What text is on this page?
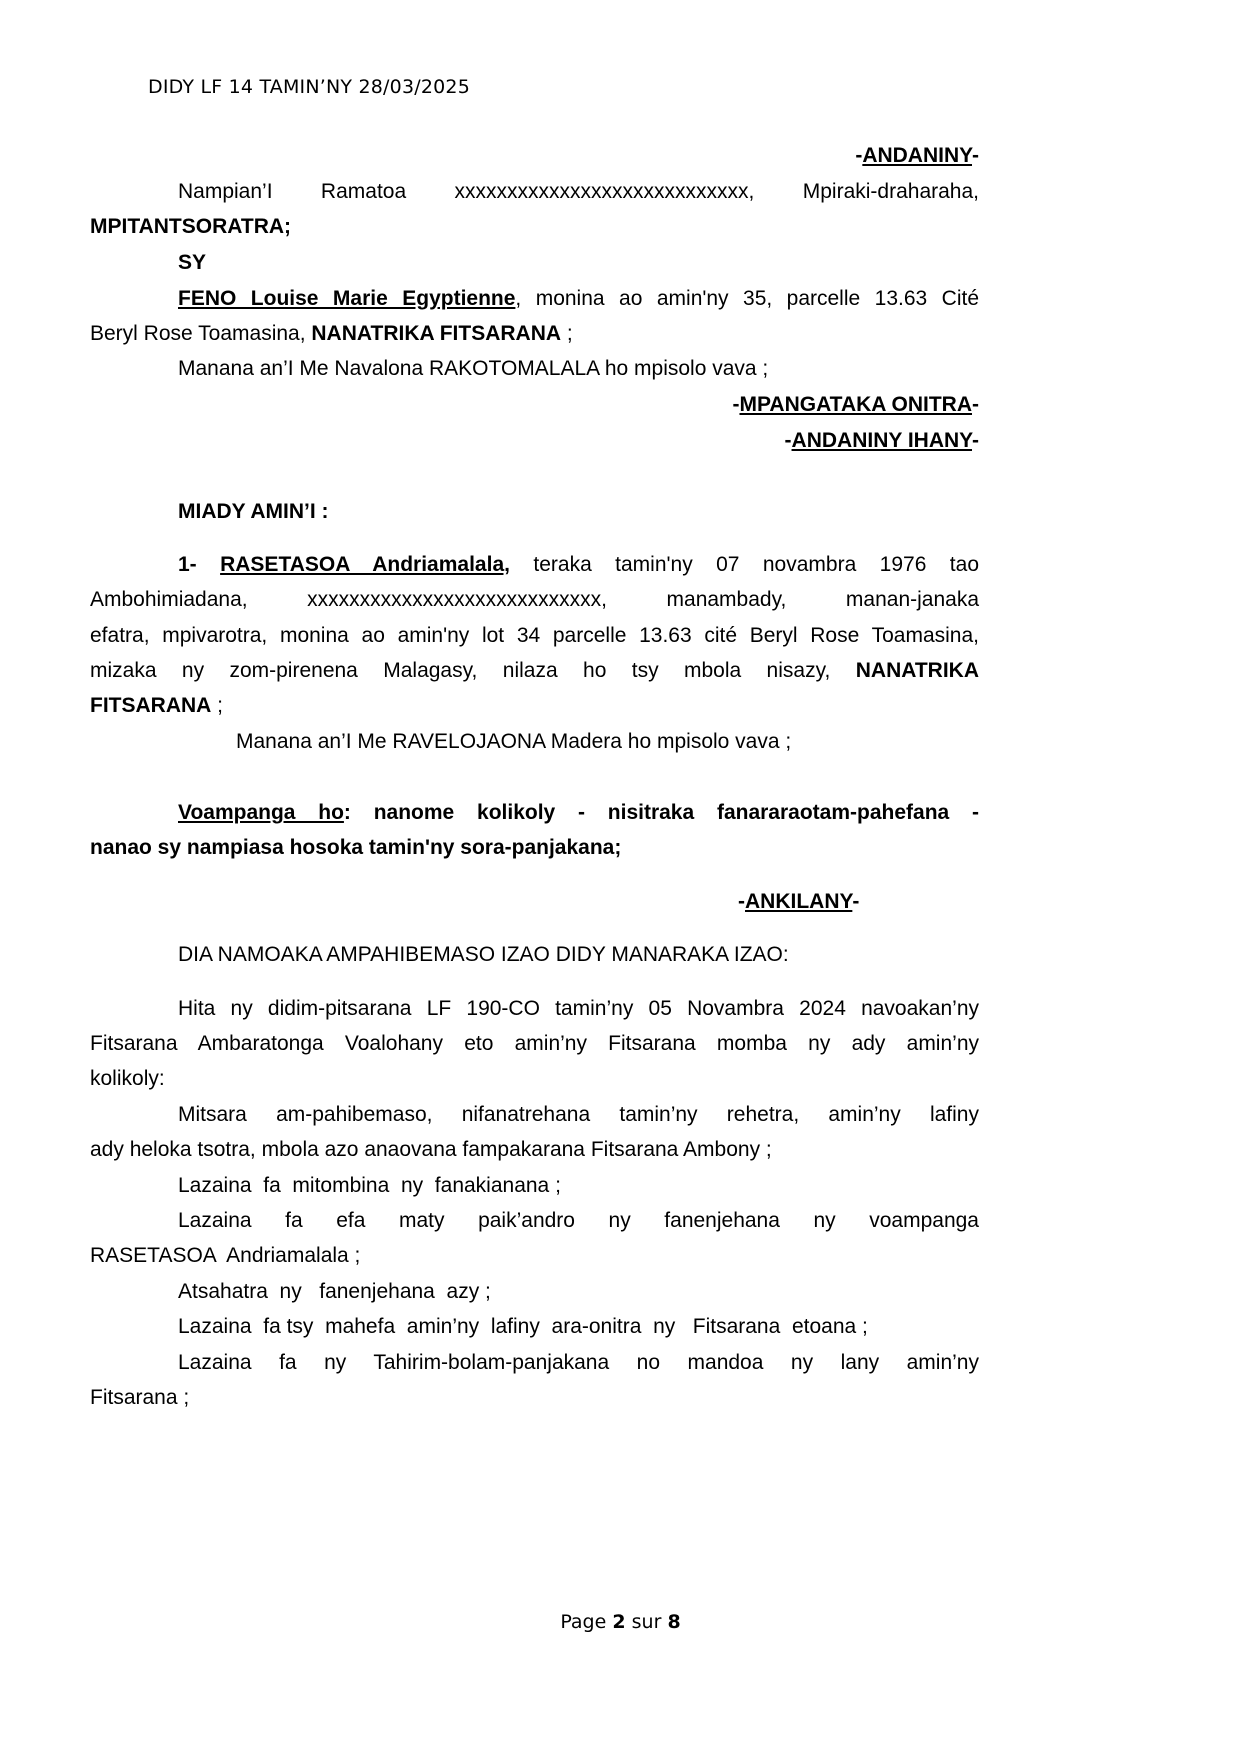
DIDY LF 14 TAMIN’NY 28/03/2025
-ANDANINY-
Nampian’I Ramatoa xxxxxxxxxxxxxxxxxxxxxxxxxxxx, Mpiraki-draharaha,
MPITANTSORATRA;
SY
FENO Louise Marie Egyptienne, monina ao amin'ny 35, parcelle 13.63 Cité
Beryl Rose Toamasina, NANATRIKA FITSARANA ;
Manana an’I Me Navalona RAKOTOMALALA ho mpisolo vava ;
-MPANGATAKA ONITRA-
-ANDANINY IHANY-
MIADY AMIN’I :
1- RASETASOA Andriamalala, teraka tamin'ny 07 novambra 1976 tao
Ambohimiadana, xxxxxxxxxxxxxxxxxxxxxxxxxxxx, manambady, manan-janaka
efatra, mpivarotra, monina ao amin'ny lot 34 parcelle 13.63 cité Beryl Rose Toamasina,
mizaka ny zom-pirenena Malagasy, nilaza ho tsy mbola nisazy, NANATRIKA
FITSARANA ;
Manana an’I Me RAVELOJAONA Madera ho mpisolo vava ;
Voampanga ho: nanome kolikoly - nisitraka fanararaotam-pahefana -
nanao sy nampiasa hosoka tamin'ny sora-panjakana;
-ANKILANY-
DIA NAMOAKA AMPAHIBEMASO IZAO DIDY MANARAKA IZAO:
Hita ny didim-pitsarana LF 190-CO tamin’ny 05 Novambra 2024 navoakan’ny
Fitsarana Ambaratonga Voalohany eto amin’ny Fitsarana momba ny ady amin’ny
kolikoly:
Mitsara am-pahibemaso, nifanatrehana tamin’ny rehetra, amin’ny lafiny
ady heloka tsotra, mbola azo anaovana fampakarana Fitsarana Ambony ;
Lazaina  fa  mitombina  ny  fanakianana ;
Lazaina fa efa maty paik’andro ny fanenjehana ny voampanga
RASETASOA  Andriamalala ;
Atsahatra  ny   fanenjehana  azy ;
Lazaina  fa tsy  mahefa  amin’ny  lafiny  ara-onitra  ny   Fitsarana  etoana ;
Lazaina fa ny Tahirim-bolam-panjakana no mandoa ny lany amin’ny
Fitsarana ;
Page 2 sur 8
